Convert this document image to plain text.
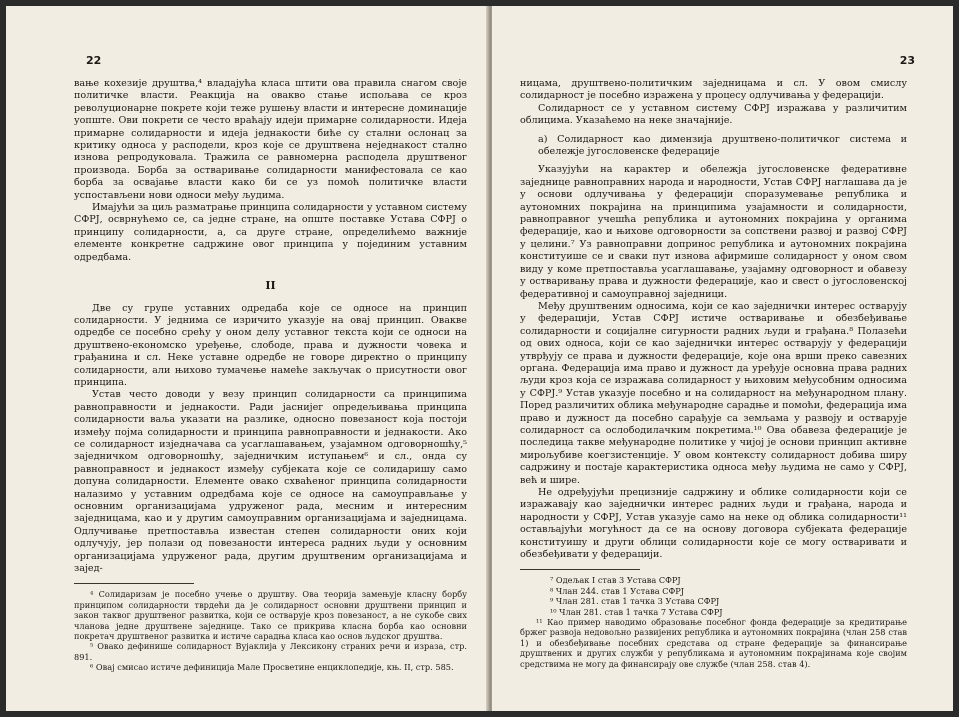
22

вање кохезије друштва,⁴ владајућа класа штити ова правила снагом своје политичке власти. Реакција на овакво стање испољава се кроз револуционарне покрете који теже рушењу власти и интересне доминације уопште. Ови покрети се често враћају идеји примарне солидарности. Идеја примарне солидарности и идеја једнакости биће су стални ослонац за критику односа у расподели, кроз које се друштвена неједнакост стално изнова репродуковала. Тражила се равномерна расподела друштвеног производа. Борба за остваривање солидарности манифестовала се као борба за освајање власти како би се уз помоћ политичке власти успостављени нови односи међу људима.

Имајући за циљ разматрање принципа солидарности у уставном систему СФРЈ, осврнућемо се, са једне стране, на опште поставке Устава СФРЈ о принципу солидарности, а, са друге стране, определићемо важније елементе конкретне садржине овог принципа у појединим уставним одредбама.

II

Две су групе уставних одредаба које се односе на принцип солидарности. У једнима се изричито указује на овај принцип. Овакве одредбе се посебно срећу у оном делу уставног текста који се односи на друштвено-економско уређење, слободе, права и дужности човека и грађанина и сл. Неке уставне одредбе не говоре директно о принципу солидарности, али њихово тумачење намеће закључак о присутности овог принципа.

Устав често доводи у везу принцип солидарности са принципима равноправности и једнакости. Ради јаснијег опредељивања принципа солидарности ваља указати на разлике, односно повезаност која постоји између појма солидарности и принципа равноправности и једнакости. Ако се солидарност изједначава са усаглашавањем, узајамном одговорношћу,⁵ заједничком одговорношћу, заједничким иступањем⁶ и сл., онда су равноправност и једнакост између субјеката које се солидаришу само допуна солидарности. Елементе овако схваћеног принципа солидарности налазимо у уставним одредбама које се односе на самоуправљање у основним организацијама удруженог рада, месним и интересним заједницама, као и у другим самоуправним организацијама и заједницама. Одлучивање претпоставља известан степен солидарности оних који одлучују, јер полази од повезаности интереса радних људи у основним организацијама удруженог рада, другим друштвеним организацијама и зајед-

⁴ Солидаризам је посебно учење о друштву. Ова теорија замењује класну борбу принципом солидарности тврдећи да је солидарност основни друштвени принцип и закон таквог друштвеног развитка, који се остварује кроз повезаност, а не сукобе свих чланова једне друштвене заједнице. Тако се прикрива класна борба као основни покретач друштвеног развитка и истиче сарадња класа као основ људског друштва.

⁵ Овако дефинише солидарност Вујаклија у Лексикону страних речи и израза, стр. 891.

⁶ Овај смисао истиче дефиниција Мале Просветине енциклопедије, књ. II, стр. 585.

23

ницама, друштвено-политичким заједницама и сл. У овом смислу солидарност је посебно изражена у процесу одлучивања у федерацији.

Солидарност се у уставном систему СФРЈ изражава у различитим облицима. Указаћемо на неке значајније.

а) Солидарност као димензија друштвено-политичког система и обележје југословенске федерације

Указујући на карактер и обележја југословенске федеративне заједнице равноправних народа и народности, Устав СФРЈ наглашава да је у основи одлучивања у федерацији споразумевање република и аутономних покрајина на принципима узајамности и солидарности, равноправног учешћа република и аутономних покрајина у органима федерације, као и њихове одговорности за сопствени развој и развој СФРЈ у целини.⁷ Уз равноправни допринос република и аутономних покрајина конституише се и сваки пут изнова афирмише солидарност у оном свом виду у коме претпоставља усаглашавање, узајамну одговорност и обавезу у остваривању права и дужности федерације, као и свест о југословенској федеративној и самоуправној заједници.

Међу друштвеним односима, који се као заједнички интерес остварују у федерацији, Устав СФРЈ истиче остваривање и обезбеђивање солидарности и социјалне сигурности радних људи и грађана.⁸ Полазећи од ових односа, који се као заједнички интерес остварују у федерацији утврђују се права и дужности федерације, које она врши преко савезних органа. Федерација има право и дужност да уређује основна права радних људи кроз која се изражава солидарност у њиховим међусобним односима у СФРЈ.⁹ Устав указује посебно и на солидарност на међународном плану. Поред различитих облика међународне сарадње и помоћи, федерација има право и дужност да посебно сарађује са земљама у развоју и остварује солидарност са ослободилачким покретима.¹⁰ Ова обавеза федерације је последица такве међународне политике у чијој је основи принцип активне мирољубиве коегзистенције. У овом контексту солидарност добива ширу садржину и постаје карактеристика односа међу људима не само у СФРЈ, већ и шире.

Не одређујући прецизније садржину и облике солидарности који се изражавају као заједнички интерес радних људи и грађана, народа и народности у СФРЈ, Устав указује само на неке од облика солидарности¹¹ остављајући могућност да се на основу договора субјеката федерације конституишу и други облици солидарности које се могу остваривати и обезбеђивати у федерацији.

⁷ Одељак I став 3 Устава СФРЈ

⁸ Члан 244. став 1 Устава СФРЈ

⁹ Члан 281. став 1 тачка 3 Устава СФРЈ

¹⁰ Члан 281. став 1 тачка 7 Устава СФРЈ

¹¹ Као пример наводимо образовање посебног фонда федерације за кредитирање бржег развоја недовољно развијених република и аутономних покрајина (члан 258 став 1) и обезбеђивање посебних средстава од стране федерације за финансирање друштвених и других служби у републикама и аутономним покрајинама које својим средствима не могу да финансирају ове службе (члан 258. став 4).
